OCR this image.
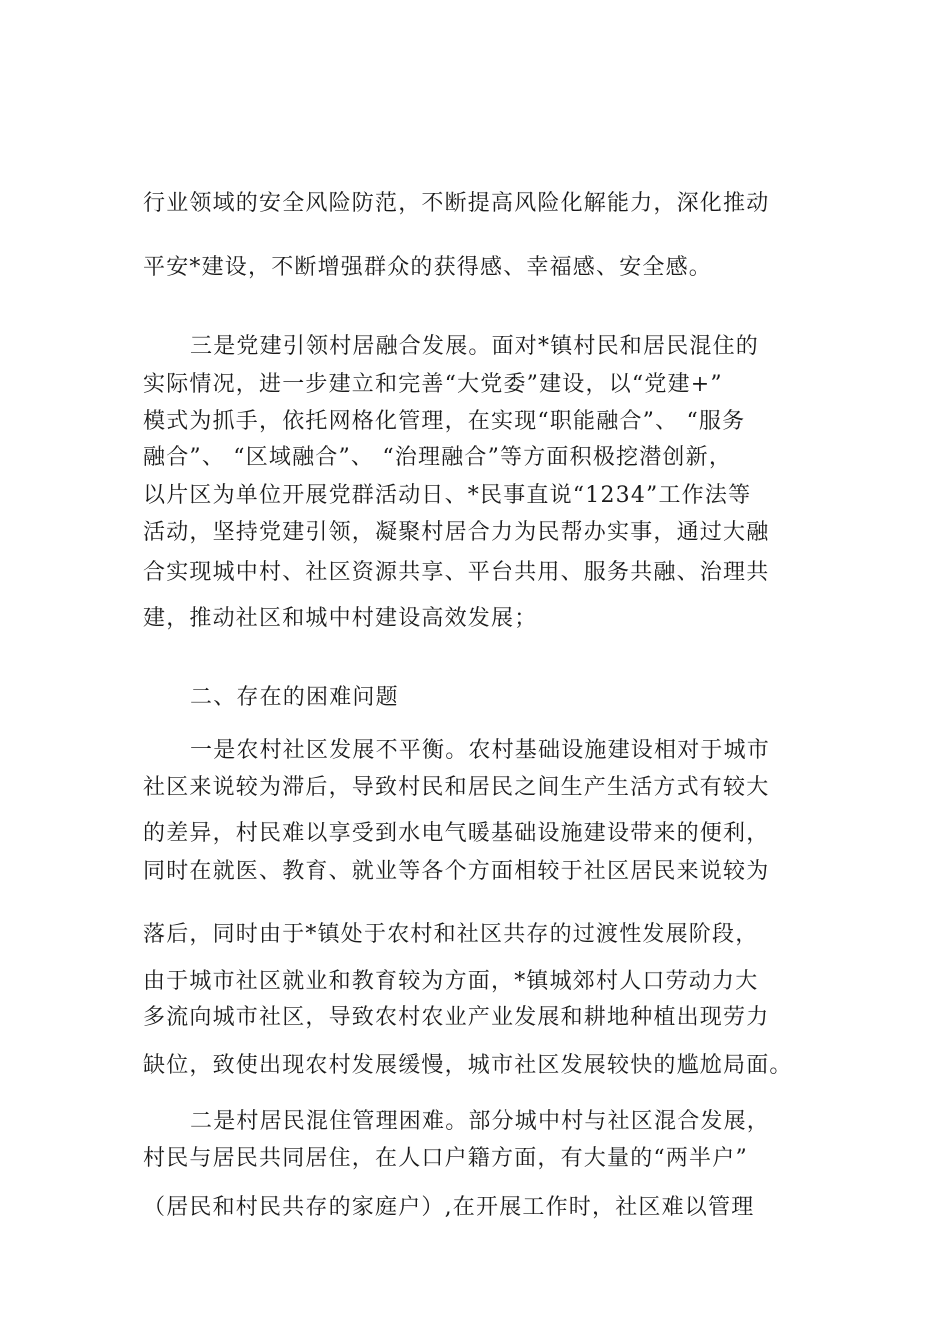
行业领域的安全风险防范，不断提高风险化解能力，深化推动
平安*建设，不断增强群众的获得感、幸福感、安全感。
三是党建引领村居融合发展。面对*镇村民和居民混住的
实际情况，进一步建立和完善“大党委”建设，以“党建+”
模式为抓手，依托网格化管理，在实现“职能融合”、 “服务
融合”、 “区域融合”、 “治理融合”等方面积极挖潜创新，
以片区为单位开展党群活动日、*民事直说“1234”工作法等
活动，坚持党建引领，凝聚村居合力为民帮办实事，通过大融
合实现城中村、社区资源共享、平台共用、服务共融、治理共
建，推动社区和城中村建设高效发展；
二、存在的困难问题
一是农村社区发展不平衡。农村基础设施建设相对于城市
社区来说较为滞后，导致村民和居民之间生产生活方式有较大
的差异，村民难以享受到水电气暖基础设施建设带来的便利，
同时在就医、教育、就业等各个方面相较于社区居民来说较为
落后，同时由于*镇处于农村和社区共存的过渡性发展阶段，
由于城市社区就业和教育较为方面，*镇城郊村人口劳动力大
多流向城市社区，导致农村农业产业发展和耕地种植出现劳力
缺位，致使出现农村发展缓慢，城市社区发展较快的尴尬局面。
二是村居民混住管理困难。部分城中村与社区混合发展，
村民与居民共同居住，在人口户籍方面，有大量的“两半户”
（居民和村民共存的家庭户）,在开展工作时，社区难以管理
